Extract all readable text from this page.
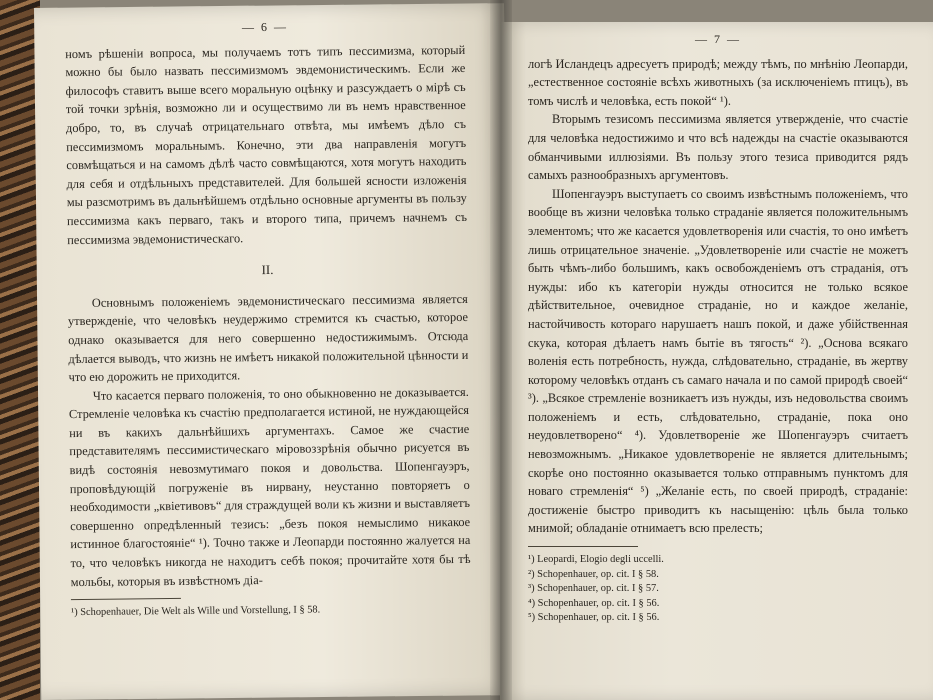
— 6 —

номъ рѣшеніи вопроса, мы получаемъ тотъ типъ пессимизма, который можно бы было назвать пессимизмомъ эвдемонистическимъ. Если же философъ ставитъ выше всего моральную оцѣнку и разсуждаетъ о мірѣ съ той точки зрѣнія, возможно ли и осуществимо ли въ немъ нравственное добро, то, въ случаѣ отрицательнаго отвѣта, мы имѣемъ дѣло съ пессимизмомъ моральнымъ. Конечно, эти два направленія могутъ совмѣщаться и на самомъ дѣлѣ часто совмѣщаются, хотя могутъ находить для себя и отдѣльныхъ представителей. Для большей ясности изложенія мы разсмотримъ въ дальнѣйшемъ отдѣльно основные аргументы въ пользу пессимизма какъ перваго, такъ и второго типа, причемъ начнемъ съ пессимизма эвдемонистическаго.

II.

Основнымъ положеніемъ эвдемонистическаго пессимизма является утвержденіе, что человѣкъ неудержимо стремится къ счастью, которое однако оказывается для него совершенно недостижимымъ. Отсюда дѣлается выводъ, что жизнь не имѣетъ никакой положительной цѣнности и что ею дорожить не приходится.

Что касается перваго положенія, то оно обыкновенно не доказывается. Стремленіе человѣка къ счастію предполагается истиной, не нуждающейся ни въ какихъ дальнѣйшихъ аргументахъ. Самое же счастие представителямъ пессимистическаго міровоззрѣнія обычно рисуется въ видѣ состоянія невозмутимаго покоя и довольства. Шопенгауэръ, проповѣдующій погруженіе въ нирвану, неустанно повторяетъ о необходимости „квіетивовъ“ для страждущей воли къ жизни и выставляетъ совершенно опредѣленный тезисъ: „безъ покоя немыслимо никакое истинное благостояніе“ ¹). Точно также и Леопарди постоянно жалуется на то, что человѣкъ никогда не находитъ себѣ покоя; прочитайте хотя бы тѣ мольбы, которыя въ извѣстномъ діа-

¹) Schopenhauer, Die Welt als Wille und Vorstellung, I § 58.

— 7 —

логѣ Исландецъ адресуетъ природѣ; между тѣмъ, по мнѣнію Леопарди, „естественное состояніе всѣхъ животныхъ (за исключеніемъ птицъ), въ томъ числѣ и человѣка, есть покой“ ¹).

Вторымъ тезисомъ пессимизма является утвержденіе, что счастіе для человѣка недостижимо и что всѣ надежды на счастіе оказываются обманчивыми иллюзіями. Въ пользу этого тезиса приводится рядъ самыхъ разнообразныхъ аргументовъ.

Шопенгауэръ выступаетъ со своимъ извѣстнымъ положеніемъ, что вообще въ жизни человѣка только страданіе является положительнымъ элементомъ; что же касается удовлетворенія или счастія, то оно имѣетъ лишь отрицательное значеніе. „Удовлетвореніе или счастіе не можетъ быть чѣмъ-либо большимъ, какъ освобожденіемъ отъ страданія, отъ нужды: ибо къ категоріи нужды относится не только всякое дѣйствительное, очевидное страданіе, но и каждое желаніе, настойчивость котораго нарушаетъ нашъ покой, и даже убійственная скука, которая дѣлаетъ намъ бытіе въ тягость“ ²). „Основа всякаго воленія есть потребность, нужда, слѣдовательно, страданіе, въ жертву которому человѣкъ отданъ съ самаго начала и по самой природѣ своей“ ³). „Всякое стремленіе возникаетъ изъ нужды, изъ недовольства своимъ положеніемъ и есть, слѣдовательно, страданіе, пока оно неудовлетворено“ ⁴). Удовлетвореніе же Шопенгауэръ считаетъ невозможнымъ. „Никакое удовлетвореніе не является длительнымъ; скорѣе оно постоянно оказывается только отправнымъ пунктомъ для новаго стремленія“ ⁵) „Желаніе есть, по своей природѣ, страданіе: достиженіе быстро приводитъ къ насыщенію: цѣль была только мнимой; обладаніе отнимаетъ всю прелесть;

¹) Leopardi, Elogio degli uccelli.

²) Schopenhauer, op. cit. I § 58.

³) Schopenhauer, op. cit. I § 57.

⁴) Schopenhauer, op. cit. I § 56.

⁵) Schopenhauer, op. cit. I § 56.
